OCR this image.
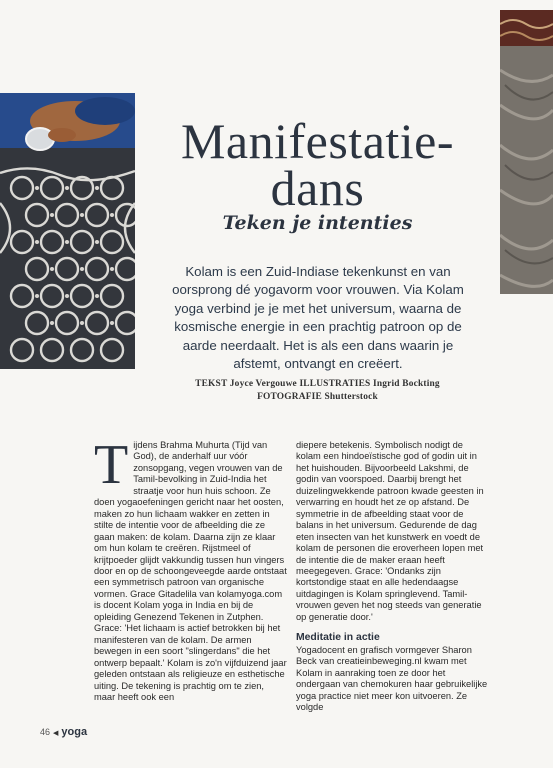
Manifestatie-
dans
Teken je intenties
Kolam is een Zuid-Indiase tekenkunst en van oorsprong dé yogavorm voor vrouwen. Via Kolam yoga verbind je je met het universum, waarna de kosmische energie in een prachtig patroon op de aarde neerdaalt. Het is als een dans waarin je afstemt, ontvangt en creëert.
TEKST Joyce Vergouwe ILLUSTRATIES Ingrid Bockting
FOTOGRAFIE Shutterstock

Tijdens Brahma Muhurta (Tijd van God), de anderhalf uur vóór zonsopgang, vegen vrouwen van de Tamil-bevolking in Zuid-India het straatje voor hun huis schoon. Ze doen yogaoefeningen gericht naar het oosten, maken zo hun lichaam wakker en zetten in stilte de intentie voor de afbeelding die ze gaan maken: de kolam. Daarna zijn ze klaar om hun kolam te creëren. Rijstmeel of krijtpoeder glijdt vakkundig tussen hun vingers door en op de schoongeveegde aarde ontstaat een symmetrisch patroon van organische vormen. Grace Gitadelila van kolamyoga.com is docent Kolam yoga in India en bij de opleiding Genezend Tekenen in Zutphen. Grace: 'Het lichaam is actief betrokken bij het manifesteren van de kolam. De armen bewegen in een soort "slingerdans" die het ontwerp bepaalt.' Kolam is zo'n vijfduizend jaar geleden ontstaan als religieuze en esthetische uiting. De tekening is prachtig om te zien, maar heeft ook een

diepere betekenis. Symbolisch nodigt de kolam een hindoeïstische god of godin uit in het huishouden. Bijvoorbeeld Lakshmi, de godin van voorspoed. Daarbij brengt het duizelingwekkende patroon kwade geesten in verwarring en houdt het ze op afstand. De symmetrie in de afbeelding staat voor de balans in het universum. Gedurende de dag eten insecten van het kunstwerk en voedt de kolam de personen die eroverheen lopen met de intentie die de maker eraan heeft meegegeven. Grace: 'Ondanks zijn kortstondige staat en alle hedendaagse uitdagingen is Kolam springlevend. Tamil-vrouwen geven het nog steeds van generatie op generatie door.'

Meditatie in actie

Yogadocent en grafisch vormgever Sharon Beck van creatieinbeweging.nl kwam met Kolam in aanraking toen ze door het ondergaan van chemokuren haar gebruikelijke yoga practice niet meer kon uitvoeren. Ze volgde

46 ◀ yoga
